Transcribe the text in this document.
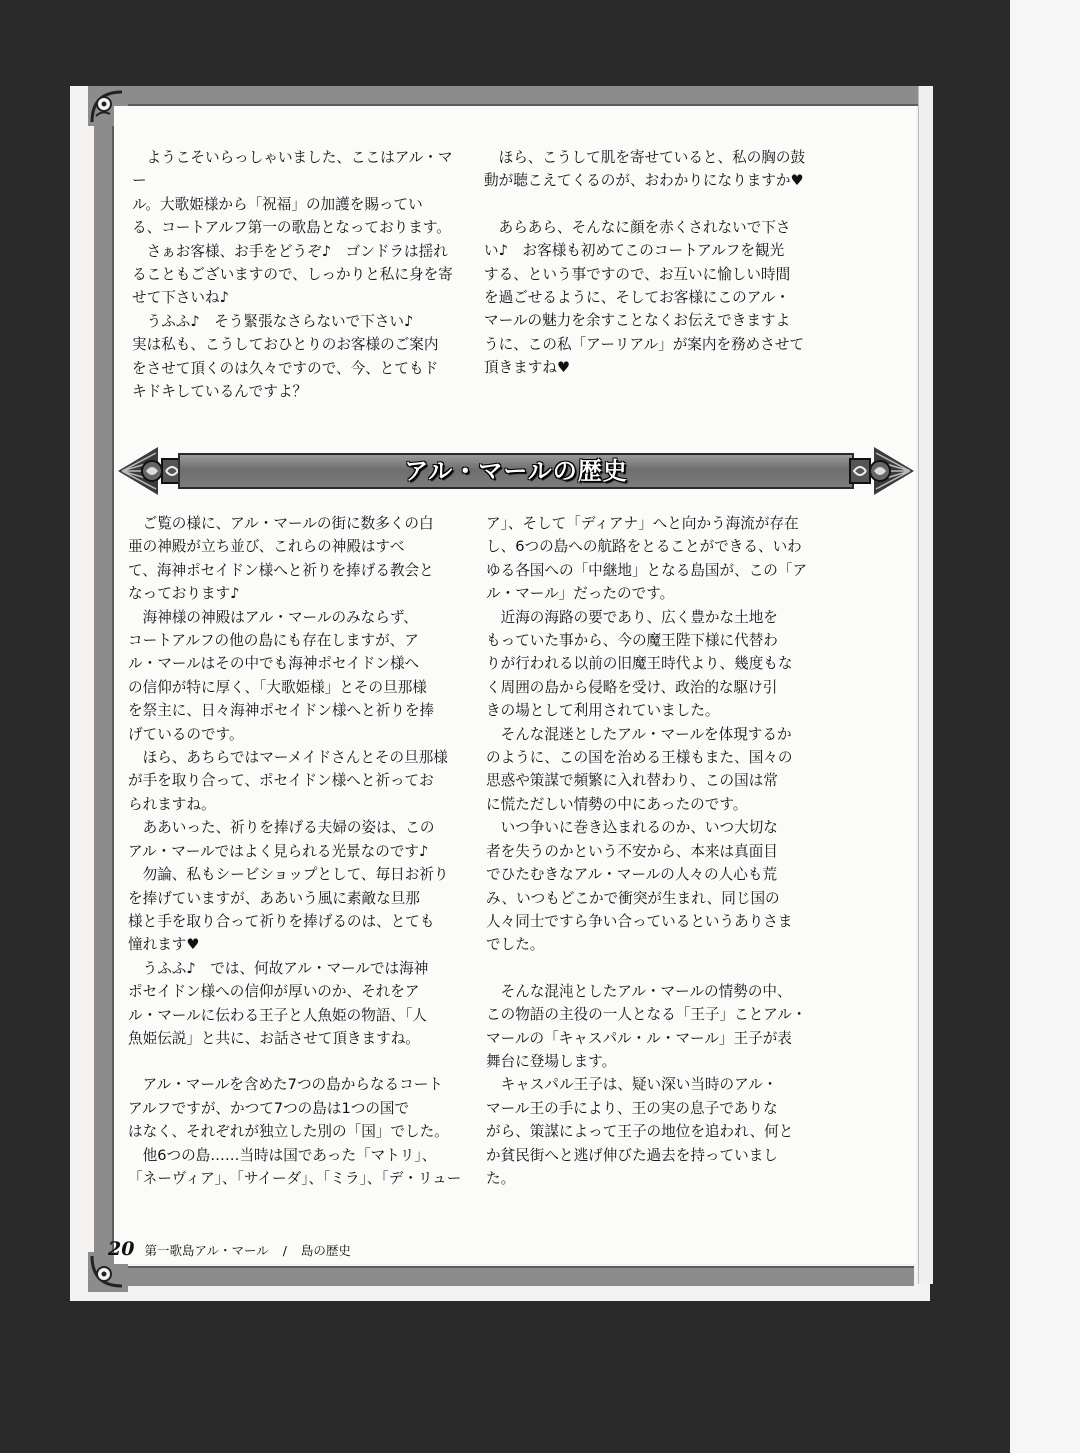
　ようこそいらっしゃいました、ここはアル・マー

ル。大歌姫様から「祝福」の加護を賜ってい

る、コートアルフ第一の歌島となっております。

　さぁお客様、お手をどうぞ♪　ゴンドラは揺れ

ることもございますので、しっかりと私に身を寄

せて下さいね♪

　うふふ♪　そう緊張なさらないで下さい♪

実は私も、こうしておひとりのお客様のご案内

をさせて頂くのは久々ですので、今、とてもド

キドキしているんですよ？

　ほら、こうして肌を寄せていると、私の胸の鼓

動が聴こえてくるのが、おわかりになりますか♥

　あらあら、そんなに顔を赤くされないで下さ

い♪　お客様も初めてこのコートアルフを観光

する、という事ですので、お互いに愉しい時間

を過ごせるように、そしてお客様にこのアル・

マールの魅力を余すことなくお伝えできますよ

うに、この私「アーリアル」が案内を務めさせて

頂きますね♥

アル・マールの歴史

　ご覧の様に、アル・マールの街に数多くの白

亜の神殿が立ち並び、これらの神殿はすべ

て、海神ポセイドン様へと祈りを捧げる教会と

なっております♪

　海神様の神殿はアル・マールのみならず、

コートアルフの他の島にも存在しますが、ア

ル・マールはその中でも海神ポセイドン様へ

の信仰が特に厚く、「大歌姫様」とその旦那様

を祭主に、日々海神ポセイドン様へと祈りを捧

げているのです。

　ほら、あちらではマーメイドさんとその旦那様

が手を取り合って、ポセイドン様へと祈ってお

られますね。

　ああいった、祈りを捧げる夫婦の姿は、この

アル・マールではよく見られる光景なのです♪

　勿論、私もシービショップとして、毎日お祈り

を捧げていますが、ああいう風に素敵な旦那

様と手を取り合って祈りを捧げるのは、とても

憧れます♥

　うふふ♪　では、何故アル・マールでは海神

ポセイドン様への信仰が厚いのか、それをア

ル・マールに伝わる王子と人魚姫の物語、「人

魚姫伝説」と共に、お話させて頂きますね。

　アル・マールを含めた7つの島からなるコート

アルフですが、かつて7つの島は1つの国で

はなく、それぞれが独立した別の「国」でした。

　他6つの島……当時は国であった「マトリ」、

「ネーヴィア」、「サイーダ」、「ミラ」、「デ・リュー

ア」、そして「ディアナ」へと向かう海流が存在

し、6つの島への航路をとることができる、いわ

ゆる各国への「中継地」となる島国が、この「ア

ル・マール」だったのです。

　近海の海路の要であり、広く豊かな土地を

もっていた事から、今の魔王陛下様に代替わ

りが行われる以前の旧魔王時代より、幾度もな

く周囲の島から侵略を受け、政治的な駆け引

きの場として利用されていました。

　そんな混迷としたアル・マールを体現するか

のように、この国を治める王様もまた、国々の

思惑や策謀で頻繁に入れ替わり、この国は常

に慌ただしい情勢の中にあったのです。

　いつ争いに巻き込まれるのか、いつ大切な

者を失うのかという不安から、本来は真面目

でひたむきなアル・マールの人々の人心も荒

み、いつもどこかで衝突が生まれ、同じ国の

人々同士ですら争い合っているというありさま

でした。

　そんな混沌としたアル・マールの情勢の中、

この物語の主役の一人となる「王子」ことアル・

マールの「キャスパル・ル・マール」王子が表

舞台に登場します。

　キャスパル王子は、疑い深い当時のアル・

マール王の手により、王の実の息子でありな

がら、策謀によって王子の地位を追われ、何と

か貧民街へと逃げ伸びた過去を持っていまし

た。

20 第一歌島アル・マール / 島の歴史
